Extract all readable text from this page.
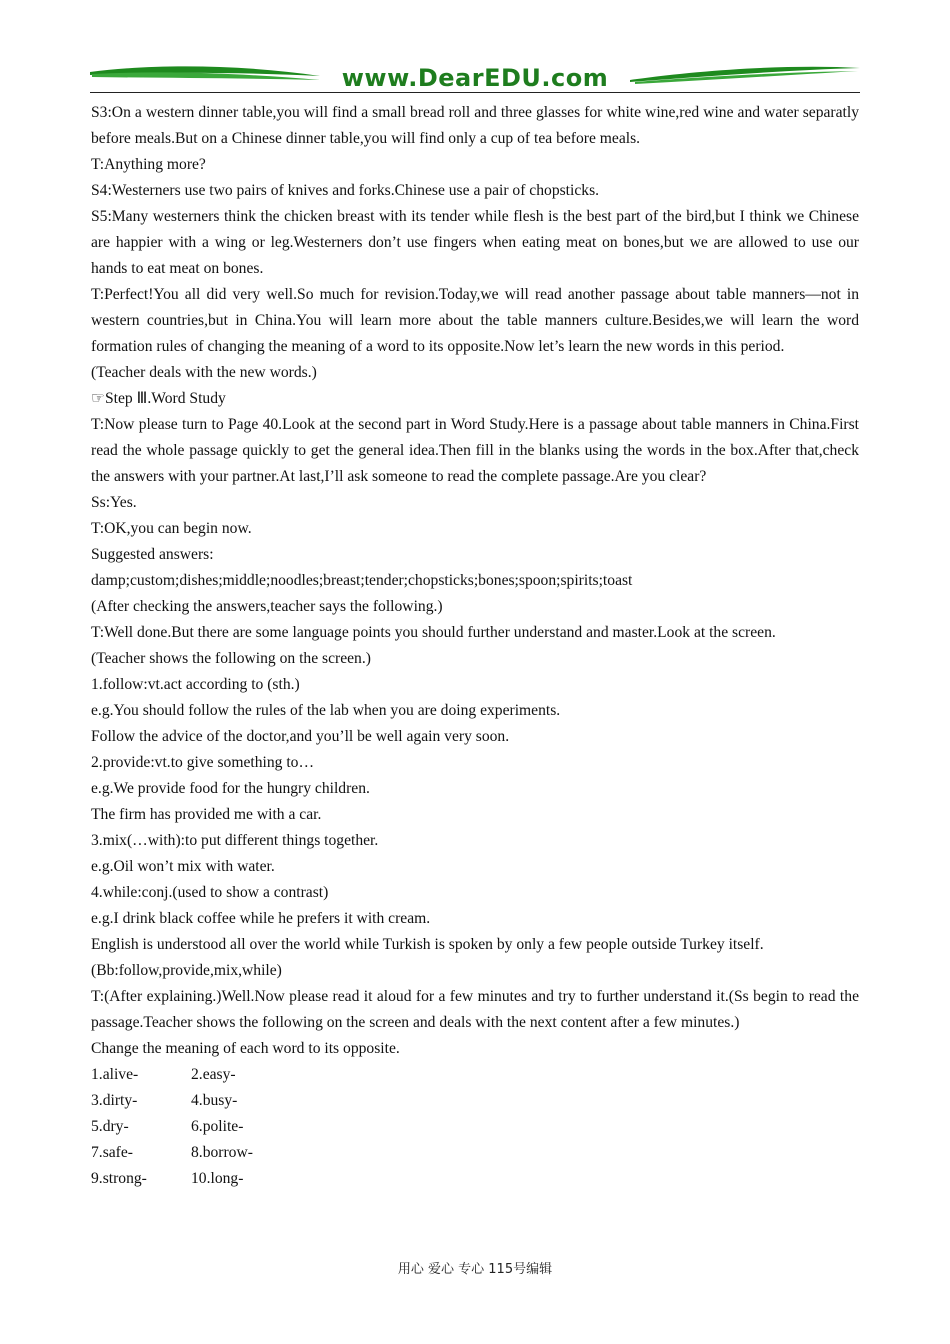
www.DearEDU.com

S3:On a western dinner table,you will find a small bread roll and three glasses for white wine,red wine and water separatly before meals.But on a Chinese dinner table,you will find only a cup of tea before meals.

T:Anything more?

S4:Westerners use two pairs of knives and forks.Chinese use a pair of chopsticks.

S5:Many westerners think the chicken breast with its tender while flesh is the best part of the bird,but I think we Chinese are happier with a wing or leg.Westerners don’t use fingers when eating meat on bones,but we are allowed to use our hands to eat meat on bones.

T:Perfect!You all did very well.So much for revision.Today,we will read another passage about table manners—not in western countries,but in China.You will learn more about the table manners culture.Besides,we will learn the word formation rules of changing the meaning of a word to its opposite.Now let’s learn the new words in this period.

(Teacher deals with the new words.)

☞Step Ⅲ.Word Study

T:Now please turn to Page 40.Look at the second part in Word Study.Here is a passage about table manners in China.First read the whole passage quickly to get the general idea.Then fill in the blanks using the words in the box.After that,check the answers with your partner.At last,I’ll ask someone to read the complete passage.Are you clear?

Ss:Yes.

T:OK,you can begin now.

Suggested answers:

damp;custom;dishes;middle;noodles;breast;tender;chopsticks;bones;spoon;spirits;toast

(After checking the answers,teacher says the following.)

T:Well done.But there are some language points you should further understand and master.Look at the screen.

(Teacher shows the following on the screen.)

1.follow:vt.act according to (sth.)

e.g.You should follow the rules of the lab when you are doing experiments.

Follow the advice of the doctor,and you’ll be well again very soon.

2.provide:vt.to give something to…

e.g.We provide food for the hungry children.

The firm has provided me with a car.

3.mix(…with):to put different things together.

e.g.Oil won’t mix with water.

4.while:conj.(used to show a contrast)

e.g.I drink black coffee while he prefers it with cream.

English is understood all over the world while Turkish is spoken by only a few people outside Turkey itself.

(Bb:follow,provide,mix,while)

T:(After explaining.)Well.Now please read it aloud for a few minutes and try to further understand it.(Ss begin to read the passage.Teacher shows the following on the screen and deals with the next content after a few minutes.)

Change the meaning of each word to its opposite.

1.alive-	2.easy-
3.dirty-	4.busy-
5.dry-	6.polite-
7.safe-	8.borrow-
9.strong-	10.long-
用心 爱心 专心 115号编辑
